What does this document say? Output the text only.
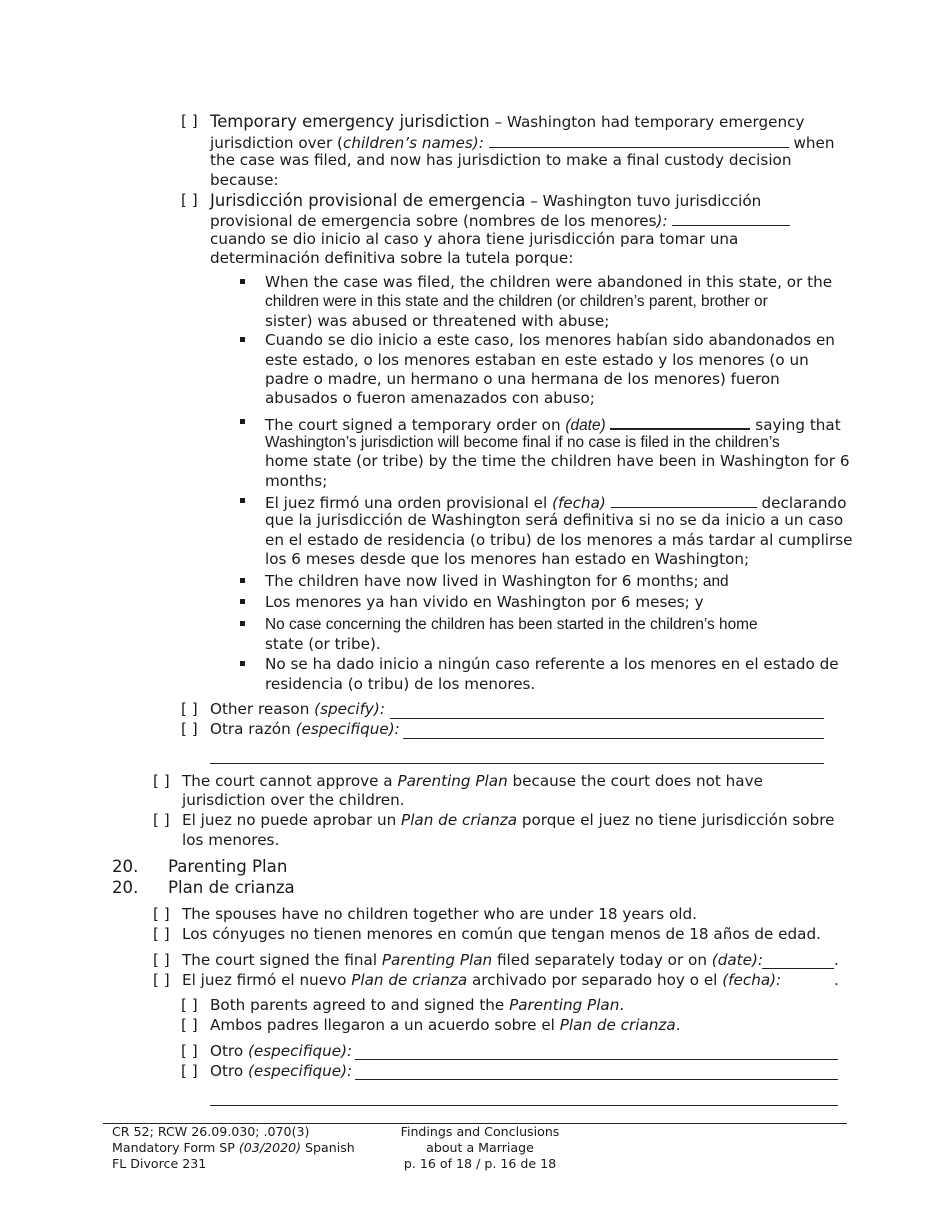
[ ] Temporary emergency jurisdiction – Washington had temporary emergency
jurisdiction over (children’s names):	when
the case was filed, and now has jurisdiction to make a final custody decision
because:
[ ] Jurisdicción provisional de emergencia – Washington tuvo jurisdicción
provisional de emergencia sobre (nombres de los menores):
cuando se dio inicio al caso y ahora tiene jurisdicción para tomar una
determinación definitiva sobre la tutela porque:
When the case was filed, the children were abandoned in this state, or the
children were in this state and the children (or children’s parent, brother or
sister) was abused or threatened with abuse;
Cuando se dio inicio a este caso, los menores habían sido abandonados en
este estado, o los menores estaban en este estado y los menores (o un
padre o madre, un hermano o una hermana de los menores) fueron
abusados o fueron amenazados con abuso;
The court signed a temporary order on (date)	saying that
Washington’s jurisdiction will become final if no case is filed in the children’s
home state (or tribe) by the time the children have been in Washington for 6
months;
El juez firmó una orden provisional el (fecha)	declarando
que la jurisdicción de Washington será definitiva si no se da inicio a un caso
en el estado de residencia (o tribu) de los menores a más tardar al cumplirse
los 6 meses desde que los menores han estado en Washington;
The children have now lived in Washington for 6 months; and
Los menores ya han vivido en Washington por 6 meses; y
No case concerning the children has been started in the children’s home
state (or tribe).
No se ha dado inicio a ningún caso referente a los menores en el estado de
residencia (o tribu) de los menores.
[ ] Other reason (specify):
[ ] Otra razón (especifique):
[ ] The court cannot approve a Parenting Plan because the court does not have
jurisdiction over the children.
[ ] El juez no puede aprobar un Plan de crianza porque el juez no tiene jurisdicción sobre
los menores.
20. Parenting Plan
20. Plan de crianza
[ ] The spouses have no children together who are under 18 years old.
[ ] Los cónyuges no tienen menores en común que tengan menos de 18 años de edad.
[ ] The court signed the final Parenting Plan filed separately today or on (date):	.
[ ] El juez firmó el nuevo Plan de crianza archivado por separado hoy o el (fecha):	.
[ ] Both parents agreed to and signed the Parenting Plan.
[ ] Ambos padres llegaron a un acuerdo sobre el Plan de crianza.
[ ] Otro (especifique):
[ ] Otro (especifique):
CR 52; RCW 26.09.030; .070(3)
Mandatory Form SP (03/2020) Spanish
FL Divorce 231
Findings and Conclusions
about a Marriage
p. 16 of 18 / p. 16 de 18
